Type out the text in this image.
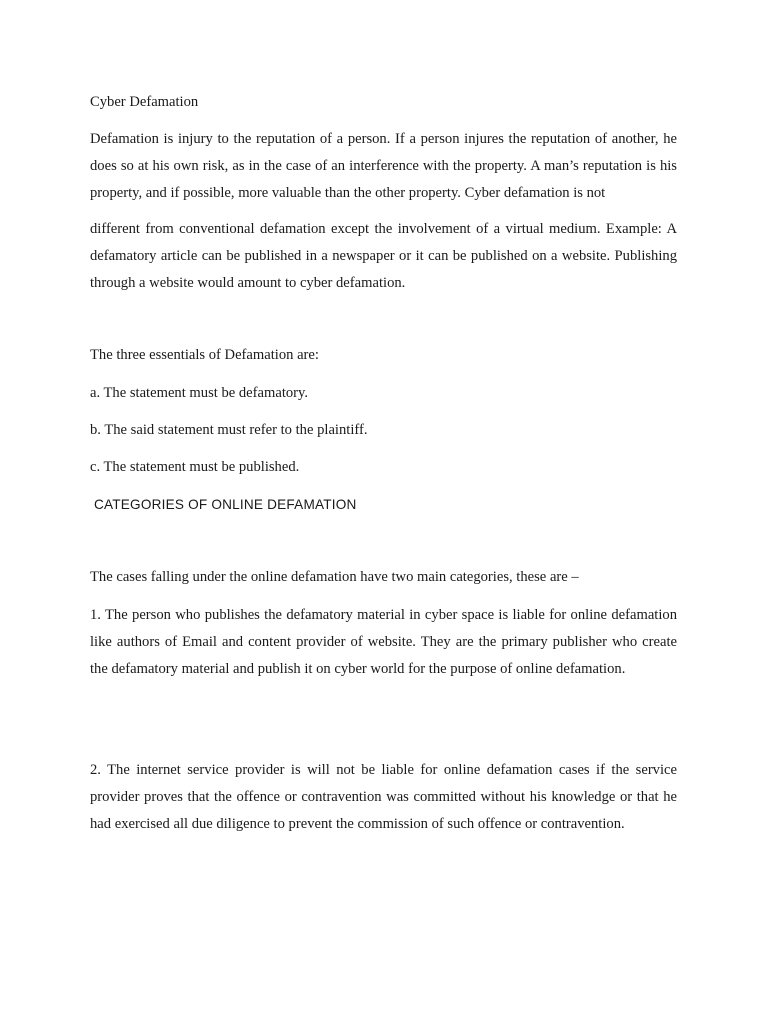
Cyber Defamation

Defamation is injury to the reputation of a person. If a person injures the reputation of another, he does so at his own risk, as in the case of an interference with the property. A man’s reputation is his property, and if possible, more valuable than the other property. Cyber defamation is not

different from conventional defamation except the involvement of a virtual medium. Example: A defamatory article can be published in a newspaper or it can be published on a website. Publishing through a website would amount to cyber defamation.

The three essentials of Defamation are:

a. The statement must be defamatory.

b. The said statement must refer to the plaintiff.

c. The statement must be published.

CATEGORIES OF ONLINE DEFAMATION

The cases falling under the online defamation have two main categories, these are –

1. The person who publishes the defamatory material in cyber space is liable for online defamation like authors of Email and content provider of website. They are the primary publisher who create the defamatory material and publish it on cyber world for the purpose of online defamation.

2. The internet service provider is will not be liable for online defamation cases if the service provider proves that the offence or contravention was committed without his knowledge or that he had exercised all due diligence to prevent the commission of such offence or contravention.
